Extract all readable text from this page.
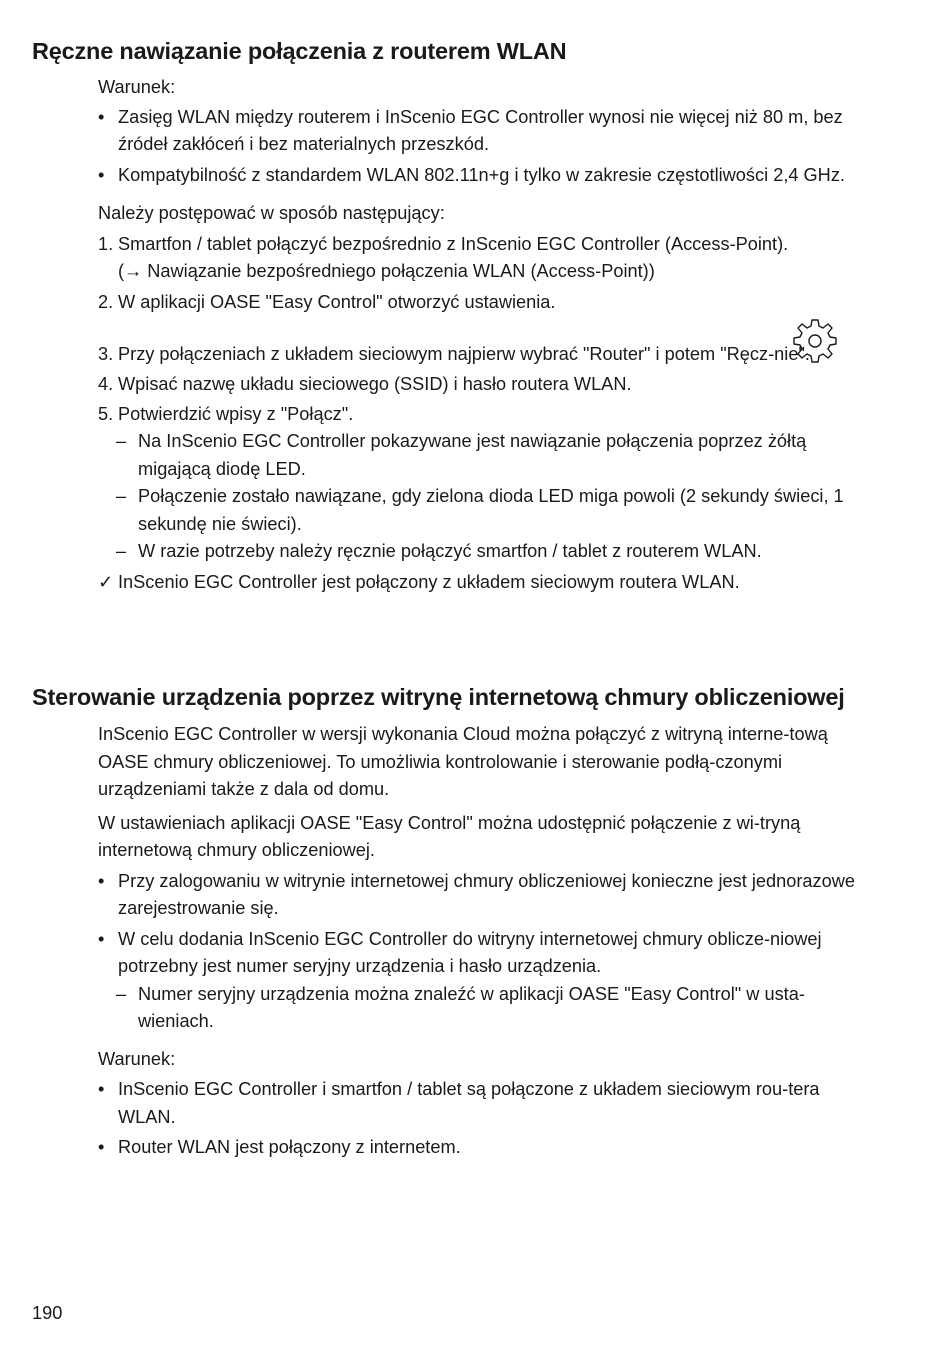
Ręczne nawiązanie połączenia z routerem WLAN

Warunek:

• Zasięg WLAN między routerem i InScenio EGC Controller wynosi nie więcej niż 80 m, bez źródeł zakłóceń i bez materialnych przeszkód.

• Kompatybilność z standardem WLAN 802.11n+g i tylko w zakresie częstotliwości 2,4 GHz.

Należy postępować w sposób następujący:

1. Smartfon / tablet połączyć bezpośrednio z InScenio EGC Controller (Access-Point).
(→ Nawiązanie bezpośredniego połączenia WLAN (Access-Point))

2. W aplikacji OASE "Easy Control" otworzyć ustawienia.

3. Przy połączeniach z układem sieciowym najpierw wybrać "Router" i potem "Ręcz-nie".

4. Wpisać nazwę układu sieciowego (SSID) i hasło routera WLAN.

5. Potwierdzić wpisy z "Połącz".

– Na InScenio EGC Controller pokazywane jest nawiązanie połączenia poprzez żółtą migającą diodę LED.

– Połączenie zostało nawiązane, gdy zielona dioda LED miga powoli (2 sekundy świeci, 1 sekundę nie świeci).

– W razie potrzeby należy ręcznie połączyć smartfon / tablet z routerem WLAN.

✓ InScenio EGC Controller jest połączony z układem sieciowym routera WLAN.

Sterowanie urządzenia poprzez witrynę internetową chmury obliczeniowej

InScenio EGC Controller w wersji wykonania Cloud można połączyć z witryną interne-tową OASE chmury obliczeniowej. To umożliwia kontrolowanie i sterowanie podłą-czonymi urządzeniami także z dala od domu.

W ustawieniach aplikacji OASE "Easy Control" można udostępnić połączenie z wi-tryną internetową chmury obliczeniowej.

• Przy zalogowaniu w witrynie internetowej chmury obliczeniowej konieczne jest jednorazowe zarejestrowanie się.

• W celu dodania InScenio EGC Controller do witryny internetowej chmury oblicze-niowej potrzebny jest numer seryjny urządzenia i hasło urządzenia.

– Numer seryjny urządzenia można znaleźć w aplikacji OASE "Easy Control" w usta-wieniach.

Warunek:

• InScenio EGC Controller i smartfon / tablet są połączone z układem sieciowym rou-tera WLAN.

• Router WLAN jest połączony z internetem.

190
